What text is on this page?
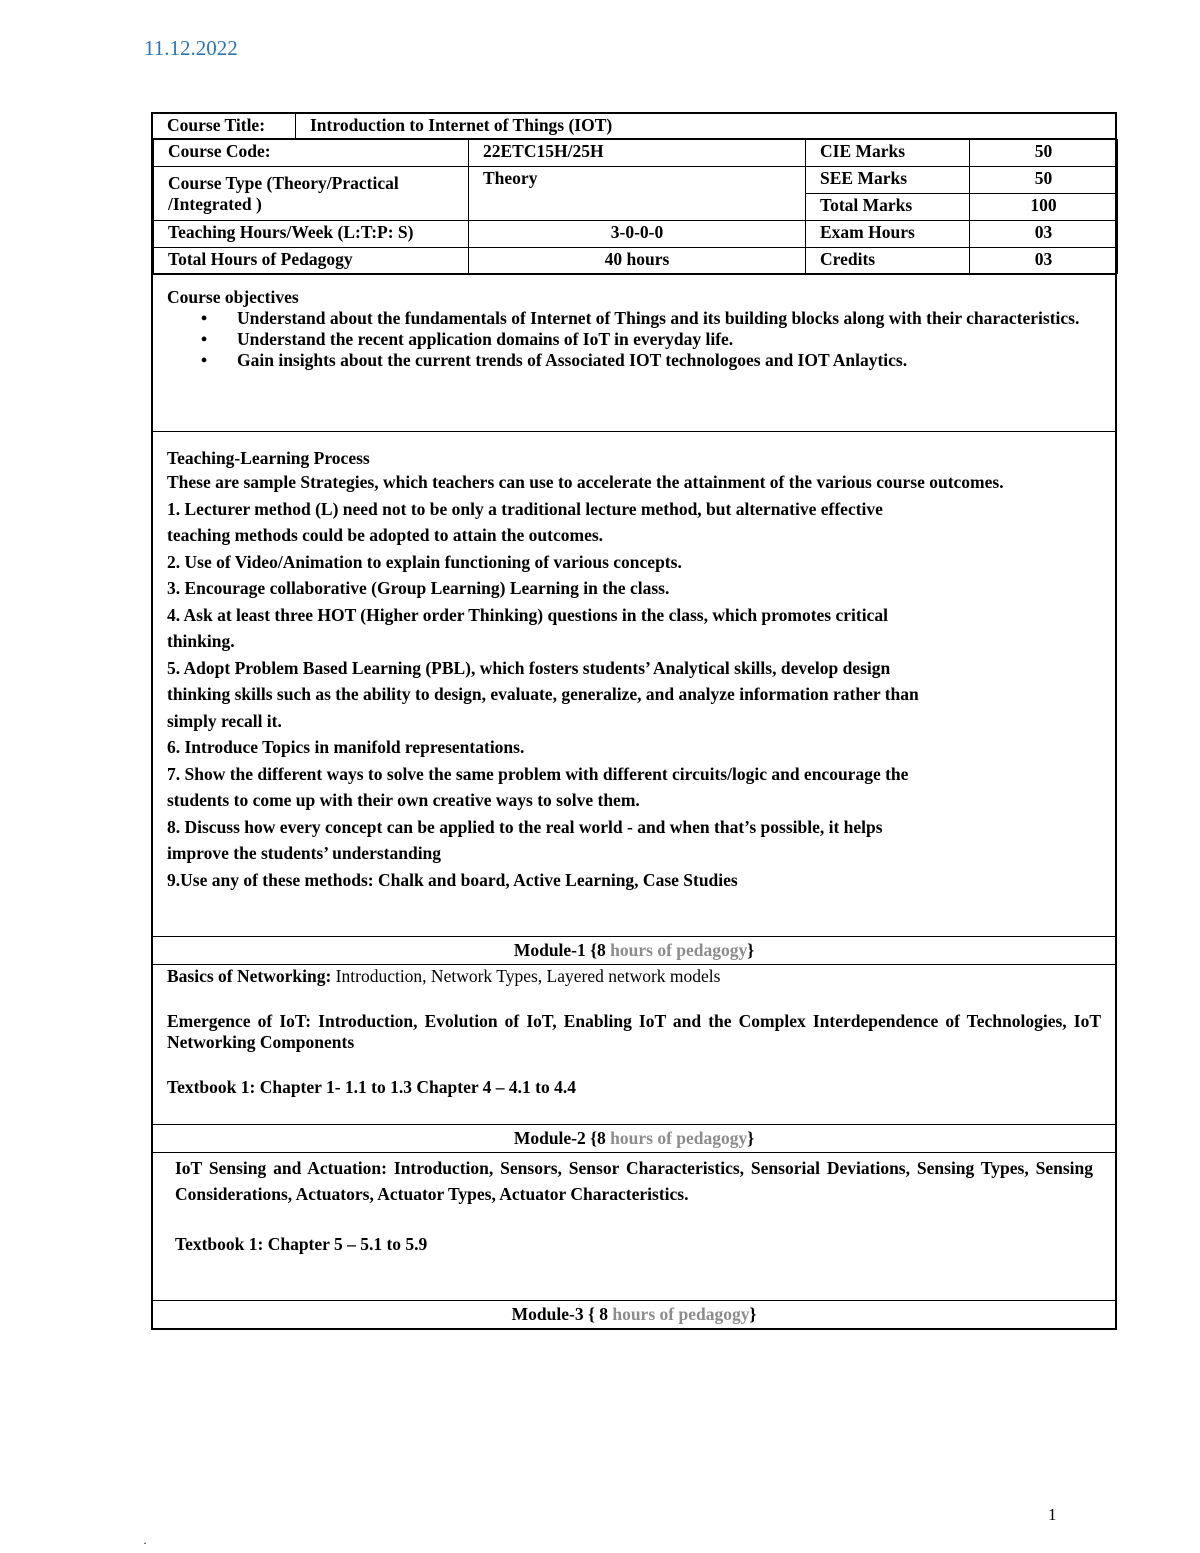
11.12.2022
Course Title:	Introduction to Internet of Things (IOT)
Course Code:	22ETC15H/25H	CIE Marks	50
Course Type (Theory/Practical /Integrated )	Theory	SEE Marks	50
		Total Marks	100
Teaching Hours/Week (L:T:P: S)	3-0-0-0	Exam Hours	03
Total Hours of Pedagogy	40 hours	Credits	03
Course objectives
• Understand about the fundamentals of Internet of Things and its building blocks along with their characteristics.
• Understand the recent application domains of IoT in everyday life.
• Gain insights about the current trends of Associated IOT technologoes and IOT Anlaytics.
Teaching-Learning Process

These are sample Strategies, which teachers can use to accelerate the attainment of the various course outcomes.

1. Lecturer method (L) need not to be only a traditional lecture method, but alternative effective teaching methods could be adopted to attain the outcomes.

2. Use of Video/Animation to explain functioning of various concepts.

3. Encourage collaborative (Group Learning) Learning in the class.

4. Ask at least three HOT (Higher order Thinking) questions in the class, which promotes critical thinking.

5. Adopt Problem Based Learning (PBL), which fosters students’ Analytical skills, develop design thinking skills such as the ability to design, evaluate, generalize, and analyze information rather than simply recall it.

6. Introduce Topics in manifold representations.

7. Show the different ways to solve the same problem with different circuits/logic and encourage the students to come up with their own creative ways to solve them.

8. Discuss how every concept can be applied to the real world - and when that’s possible, it helps improve the students’ understanding

9.Use any of these methods: Chalk and board, Active Learning, Case Studies

Module-1 {8 hours of pedagogy}

Basics of Networking: Introduction, Network Types, Layered network models

Emergence of IoT: Introduction, Evolution of IoT, Enabling IoT and the Complex Interdependence of Technologies, IoT Networking Components

Textbook 1: Chapter 1- 1.1 to 1.3 Chapter 4 – 4.1 to 4.4

Module-2 {8 hours of pedagogy}

IoT Sensing and Actuation: Introduction, Sensors, Sensor Characteristics, Sensorial Deviations, Sensing Types, Sensing Considerations, Actuators, Actuator Types, Actuator Characteristics.

Textbook 1: Chapter 5 – 5.1 to 5.9

Module-3 { 8 hours of pedagogy}
1
·
